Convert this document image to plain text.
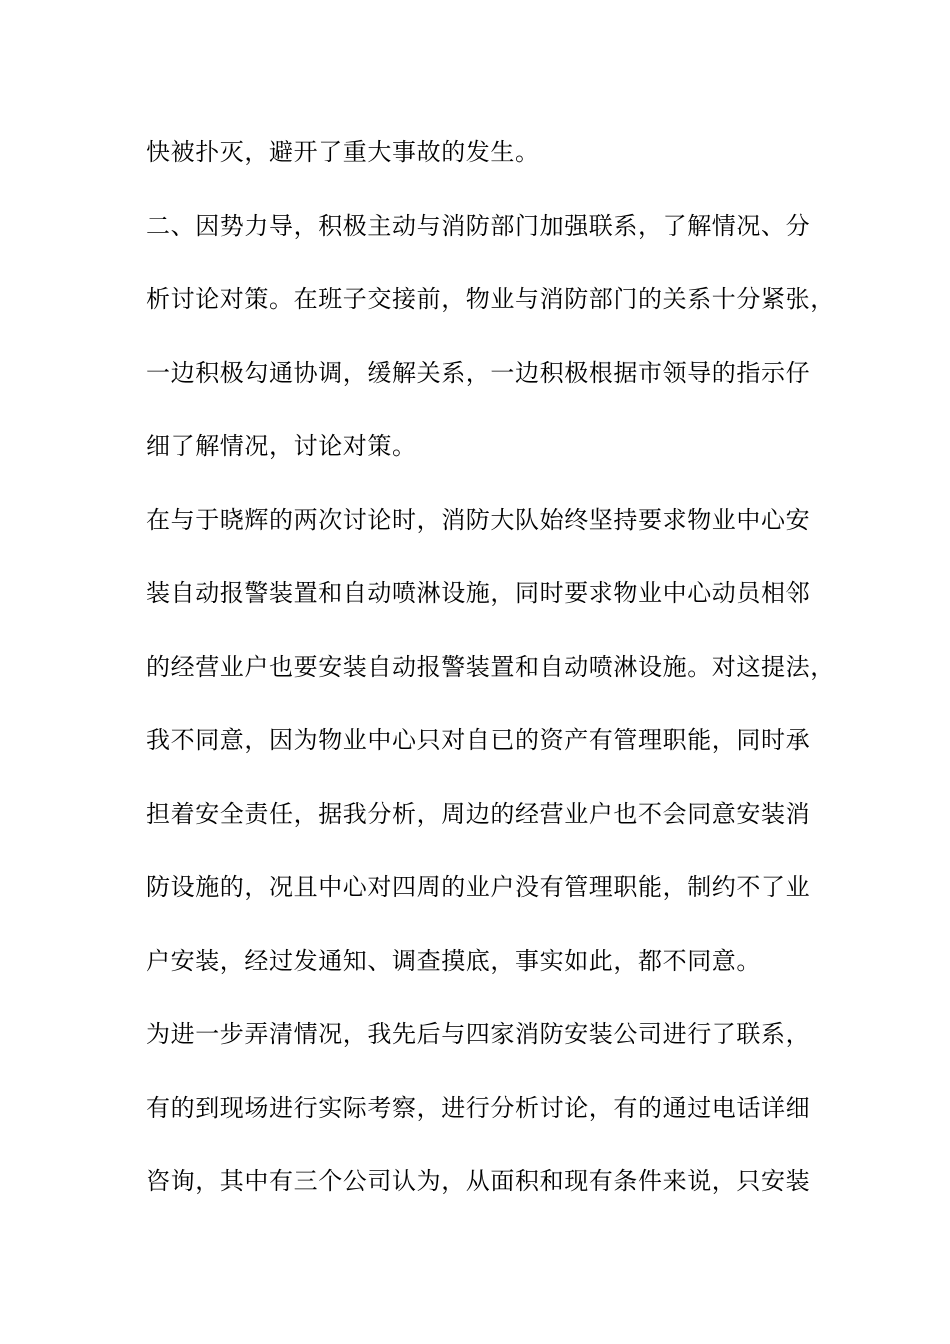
快被扑灭，避开了重大事故的发生。
二、因势力导，积极主动与消防部门加强联系，了解情况、分
析讨论对策。在班子交接前，物业与消防部门的关系十分紧张，
一边积极勾通协调，缓解关系，一边积极根据市领导的指示仔
细了解情况，讨论对策。
在与于晓辉的两次讨论时，消防大队始终坚持要求物业中心安
装自动报警装置和自动喷淋设施，同时要求物业中心动员相邻
的经营业户也要安装自动报警装置和自动喷淋设施。对这提法，
我不同意，因为物业中心只对自已的资产有管理职能，同时承
担着安全责任，据我分析，周边的经营业户也不会同意安装消
防设施的，况且中心对四周的业户没有管理职能，制约不了业
户安装，经过发通知、调查摸底，事实如此，都不同意。
为进一步弄清情况，我先后与四家消防安装公司进行了联系，
有的到现场进行实际考察，进行分析讨论，有的通过电话详细
咨询，其中有三个公司认为，从面积和现有条件来说，只安装
